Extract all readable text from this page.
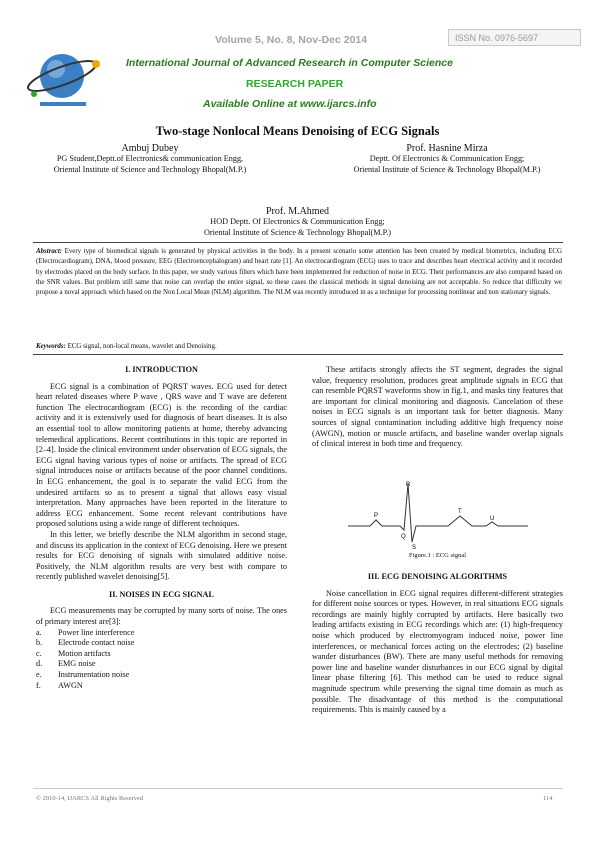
ISSN No. 0976-5697
Volume 5, No. 8, Nov-Dec 2014
International Journal of Advanced Research in Computer Science
RESEARCH PAPER
Available Online at www.ijarcs.info
Two-stage Nonlocal Means Denoising of ECG Signals
Ambuj Dubey
PG Student,Deptt.of Electronics& communication Engg,
Oriental Institute of Science and Technology Bhopal(M.P.)
Prof. Hasnine Mirza
Deptt. Of Electronics & Communication Engg;
Oriental Institute of Science & Technology Bhopal(M.P.)
Prof. M.Ahmed
HOD Deptt. Of Electronics & Communication Engg;
Oriental Institute of Science & Technology Bhopal(M.P.)
Abstract: Every type of biomedical signals is generated by physical activities in the body. In a present scenario some attention has been created by medical biometrics, including ECG (Electrocardiogram), DNA, blood pressure, EEG (Electroencephalogram) and heart rate [1]. An electrocardiogram (ECG) uses to trace and describes heart electrical activity and it recorded by electrodes placed on the body surface. In this paper, we study various filters which have been implemented for reduction of noise in ECG. Their performances are also compared based on the SNR values. But problem still same that noise can overlap the entire signal, so these cases the classical methods in signal denoising are not acceptable. So reduce that difficulty we propose a noval approach which based on the Non Local Mean (NLM) algorithm. The NLM was recently introduced in as a technique for processing nonlinear and non stationary signals.
Keywords: ECG signal, non-local means, wavelet and Denoising.
I. INTRODUCTION

ECG signal is a combination of PQRST waves. ECG used for detect heart related diseases where P wave , QRS wave and T wave are deferent function The electrocardiogram (ECG) is the recording of the cardiac activity and it is extensively used for diagnosis of heart diseases. It is also an essential tool to allow monitoring patients at home, thereby advancing telemedical applications. Recent contributions in this topic are reported in [2–4]. Inside the clinical environment under observation of ECG signals, the ECG signal having various types of noise or artifacts. The spread of ECG signal introduces noise or artifacts because of the poor channel conditions. In ECG enhancement, the goal is to separate the valid ECG from the undesired artifacts so as to present a signal that allows easy visual interpretation. Many approaches have been reported in the literature to address ECG enhancement. Some recent relevant contributions have proposed solutions using a wide range of different techniques.

In this letter, we briefly describe the NLM algorithm in second stage, and discuss its application in the context of ECG denoising. Here we present results for ECG denoising of signals with simulated additive noise. Positively, the NLM algorithm results are very best with compare to recently published wavelet denoising[5].

II. NOISES IN ECG SIGNAL

ECG measurements may be corrupted by many sorts of noise. The ones of primary interest are[3]:

a. Power line interference
b. Electrode contact noise
c. Motion artifacts
d. EMG noise
e. Instrumentation noise
f. AWGN

These artifacts strongly affects the ST segment, degrades the signal value, frequency resolution, produces great amplitude signals in ECG that can resemble PQRST waveforms show in fig.1, and masks tiny features that are important for clinical monitoring and diagnosis. Cancelation of these noises in ECG signals is an important task for better diagnosis. Many sources of signal contamination including additive high frequency noise (AWGN), motion or muscle artifacts, and baseline wander overlap signals of clinical interest in both time and frequency.

R
P
Q
S
T
U
Figure.1 : ECG signal
III. ECG DENOISING ALGORITHMS

Noise cancellation in ECG signal requires different-different strategies for different noise sources or types. However, in real situations ECG signals recordings are mainly highly corrupted by artifacts. Here basically two leading artifacts existing in ECG recordings which are: (1) high-frequency noise which produced by electromyogram induced noise, power line interferences, or mechanical forces acting on the electrodes; (2) baseline wander disturbances (BW). There are many useful methods for removing power line and baseline wander disturbances in our ECG signal by digital linear phase filtering [6]. This method can be used to reduce signal magnitude spectrum while preserving the signal time domain as much as possible. The disadvantage of this method is the computational requirements. This is mainly caused by a

© 2010-14, IJARCS All Rights Reserved	114
